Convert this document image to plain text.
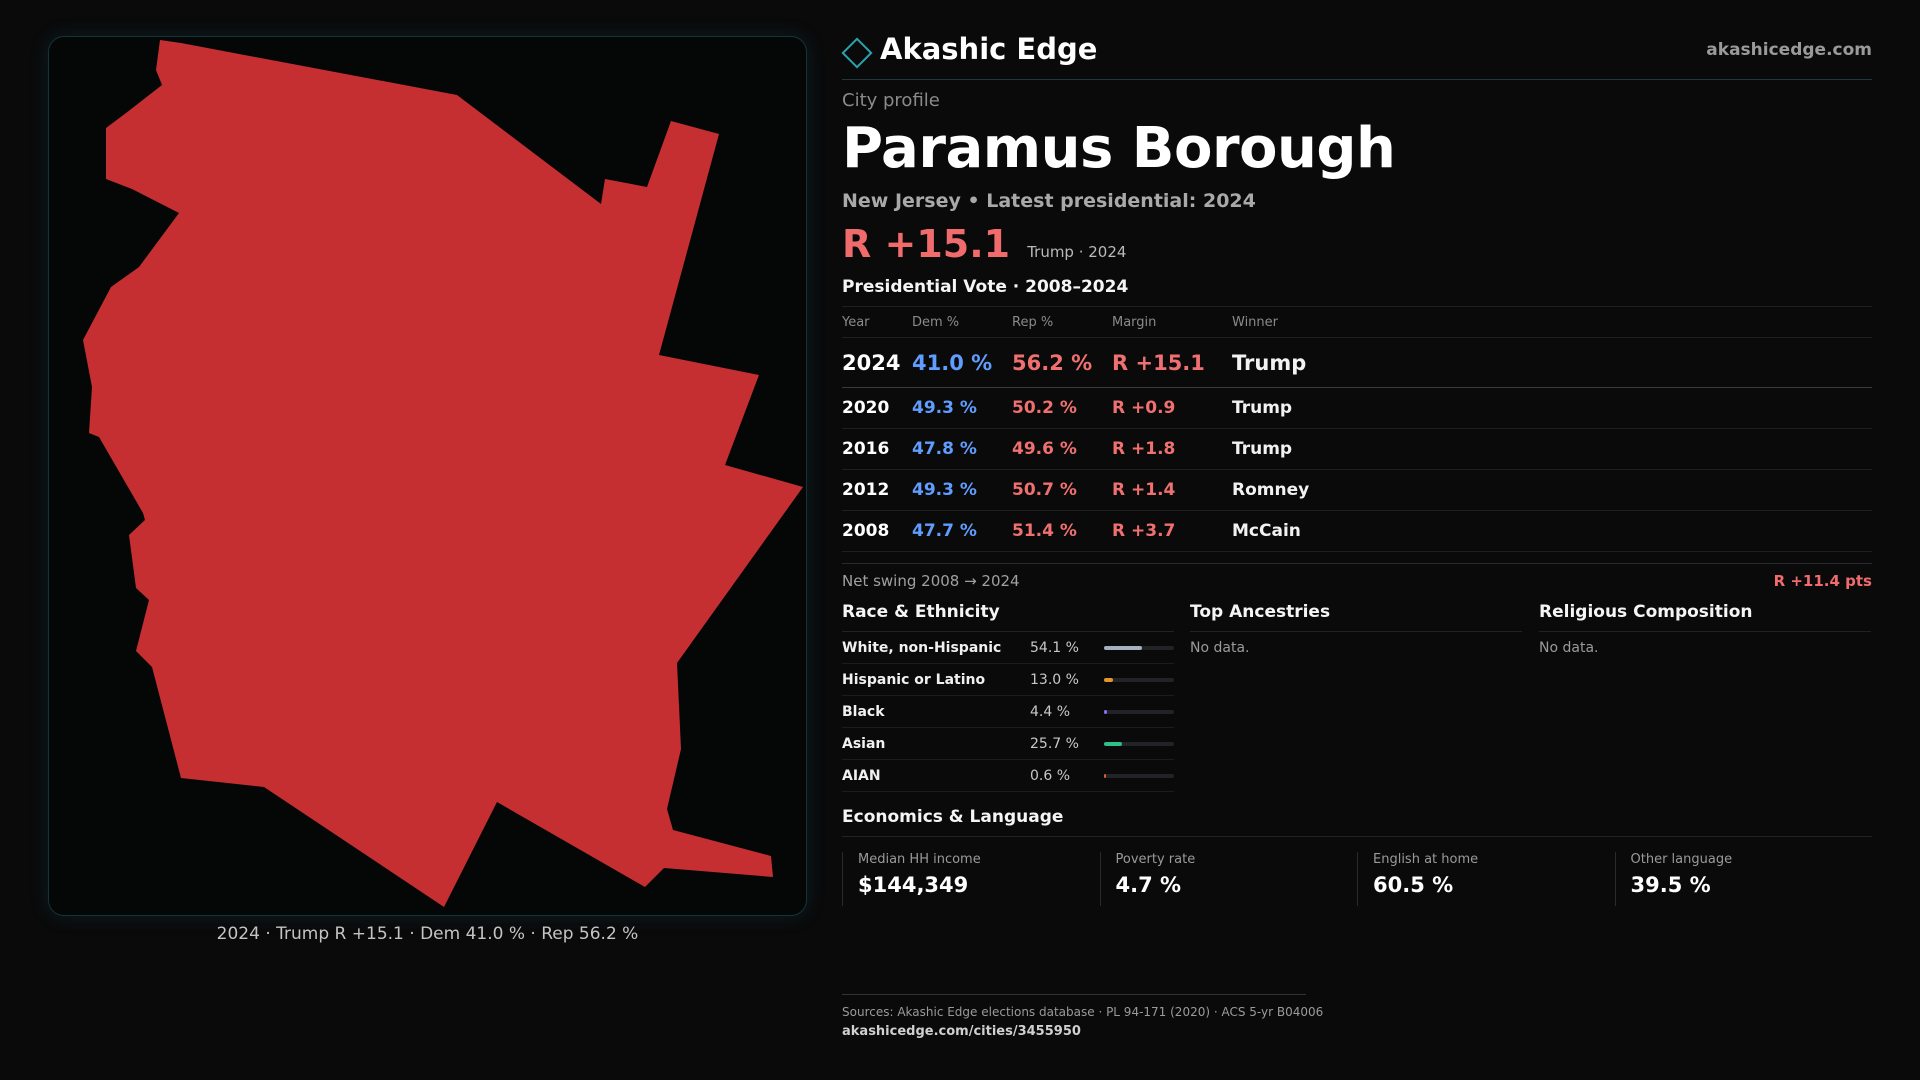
2024 · Trump R +15.1 · Dem 41.0 % · Rep 56.2 %
Akashic Edge	akashicedge.com
City profile
Paramus Borough
New Jersey • Latest presidential: 2024
R +15.1 Trump · 2024
Presidential Vote · 2008–2024
Year	Dem %	Rep %	Margin	Winner
2024 41.0 % 56.2 % R +15.1	Trump
2020	49.3 %	50.2 %	R +0.9	Trump
2016	47.8 %	49.6 %	R +1.8	Trump
2012	49.3 %	50.7 %	R +1.4	Romney
2008	47.7 %	51.4 %	R +3.7	McCain
Net swing 2008 → 2024	R +11.4 pts
Race & Ethnicity
White, non-Hispanic	54.1 %
Hispanic or Latino	13.0 %
Black	4.4 %
Asian	25.7 %
AIAN	0.6 %
Top Ancestries
No data.
Religious Composition
No data.
Economics & Language
Median HH income
$144,349
Poverty rate
4.7 %
English at home
60.5 %
Other language
39.5 %
Sources: Akashic Edge elections database · PL 94-171 (2020) · ACS 5-yr B04006
akashicedge.com/cities/3455950
